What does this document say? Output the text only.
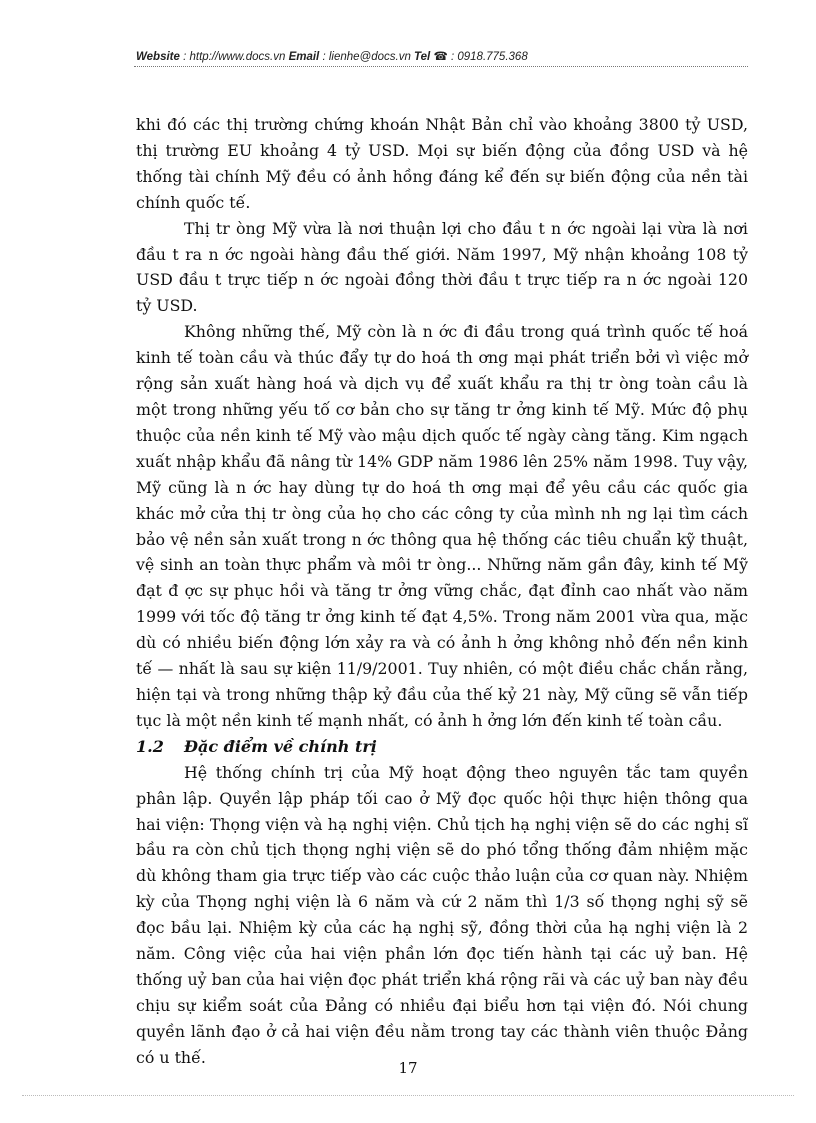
Website : http://www.docs.vn Email : lienhe@docs.vn Tel ☎ : 0918.775.368

khi đó các thị trường chứng khoán Nhật Bản chỉ vào khoảng 3800 tỷ USD, thị trường EU khoảng 4 tỷ USD. Mọi sự biến động của đồng USD và hệ thống tài chính Mỹ đều có ảnh hồng đáng kể đến sự biến động của nền tài chính quốc tế.

Thị tr òng Mỹ vừa là nơi thuận lợi cho đầu t n ớc ngoài lại vừa là nơi đầu t ra n ớc ngoài hàng đầu thế giới. Năm 1997, Mỹ nhận khoảng 108 tỷ USD đầu t trực tiếp n ớc ngoài đồng thời đầu t trực tiếp ra n ớc ngoài 120 tỷ USD.

Không những thế, Mỹ còn là n ớc đi đầu trong quá trình quốc tế hoá kinh tế toàn cầu và thúc đẩy tự do hoá th ơng mại phát triển bởi vì việc mở rộng sản xuất hàng hoá và dịch vụ để xuất khẩu ra thị tr òng toàn cầu là một trong những yếu tố cơ bản cho sự tăng tr ởng kinh tế Mỹ. Mức độ phụ thuộc của nền kinh tế Mỹ vào mậu dịch quốc tế ngày càng tăng. Kim ngạch xuất nhập khẩu đã nâng từ 14% GDP năm 1986 lên 25% năm 1998. Tuy vậy, Mỹ cũng là n ớc hay dùng tự do hoá th ơng mại để yêu cầu các quốc gia khác mở cửa thị tr òng của họ cho các công ty của mình nh ng lại tìm cách bảo vệ nền sản xuất trong n ớc thông qua hệ thống các tiêu chuẩn kỹ thuật, vệ sinh an toàn thực phẩm và môi tr òng... Những năm gần đây, kinh tế Mỹ đạt đ ợc sự phục hồi và tăng tr ởng vững chắc, đạt đỉnh cao nhất vào năm 1999 với tốc độ tăng tr ởng kinh tế đạt 4,5%. Trong năm 2001 vừa qua, mặc dù có nhiều biến động lớn xảy ra và có ảnh h ởng không nhỏ đến nền kinh tế — nhất là sau sự kiện 11/9/2001. Tuy nhiên, có một điều chắc chắn rằng, hiện tại và trong những thập kỷ đầu của thế kỷ 21 này, Mỹ cũng sẽ vẫn tiếp tục là một nền kinh tế mạnh nhất, có ảnh h ởng lớn đến kinh tế toàn cầu.

1.2 Đặc điểm về chính trị

Hệ thống chính trị của Mỹ hoạt động theo nguyên tắc tam quyền phân lập. Quyền lập pháp tối cao ở Mỹ đọc quốc hội thực hiện thông qua hai viện: Thọng viện và hạ nghị viện. Chủ tịch hạ nghị viện sẽ do các nghị sĩ bầu ra còn chủ tịch thọng nghị viện sẽ do phó tổng thống đảm nhiệm mặc dù không tham gia trực tiếp vào các cuộc thảo luận của cơ quan này. Nhiệm kỳ của Thọng nghị viện là 6 năm và cứ 2 năm thì 1/3 số thọng nghị sỹ sẽ đọc bầu lại. Nhiệm kỳ của các hạ nghị sỹ, đồng thời của hạ nghị viện là 2 năm. Công việc của hai viện phần lớn đọc tiến hành tại các uỷ ban. Hệ thống uỷ ban của hai viện đọc phát triển khá rộng rãi và các uỷ ban này đều chịu sự kiểm soát của Đảng có nhiều đại biểu hơn tại viện đó. Nói chung quyền lãnh đạo ở cả hai viện đều nằm trong tay các thành viên thuộc Đảng có u thế.

17
